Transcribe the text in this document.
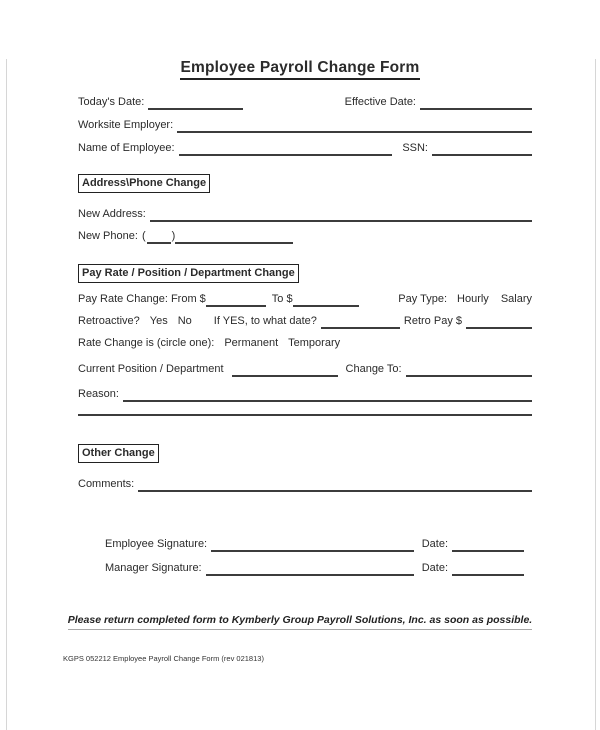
Employee Payroll Change Form
Today's Date:	Effective Date:
Worksite Employer:
Name of Employee:	SSN:
Address\Phone Change
New Address:
New Phone: ( )
Pay Rate / Position / Department Change
Pay Rate Change: From $	To $	Pay Type: Hourly Salary
Retroactive? Yes No If YES, to what date?	Retro Pay $
Rate Change is (circle one): Permanent Temporary
Current Position / Department	Change To:
Reason:
Other Change
Comments:
Employee Signature:	Date:
Manager Signature:	Date:
Please return completed form to Kymberly Group Payroll Solutions, Inc. as soon as possible.
KGPS 052212 Employee Payroll Change Form (rev 021813)
